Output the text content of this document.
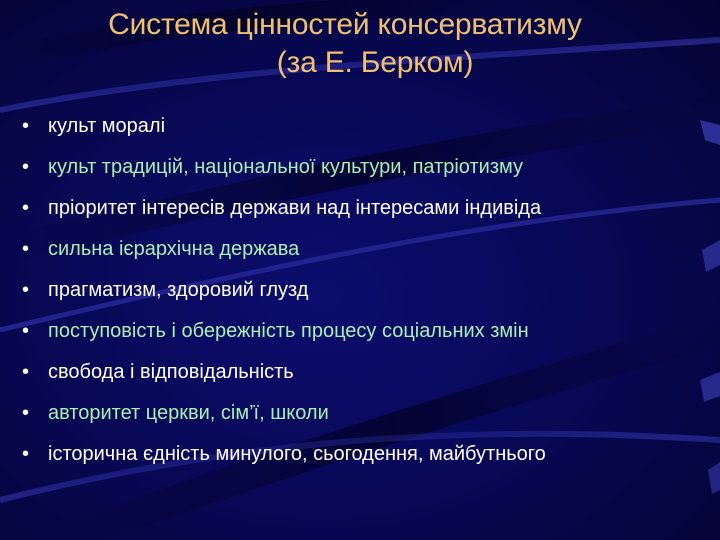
Система цінностей консерватизму
(за Е. Берком)
• культ моралі
• культ традицій, національної культури, патріотизму
• пріоритет інтересів держави над інтересами індивіда
• сильна ієрархічна держава
• прагматизм, здоровий глузд
• поступовість і обережність процесу соціальних змін
• свобода і відповідальність
• авторитет церкви, сім’ї, школи
• історична єдність минулого, сьогодення, майбутнього
